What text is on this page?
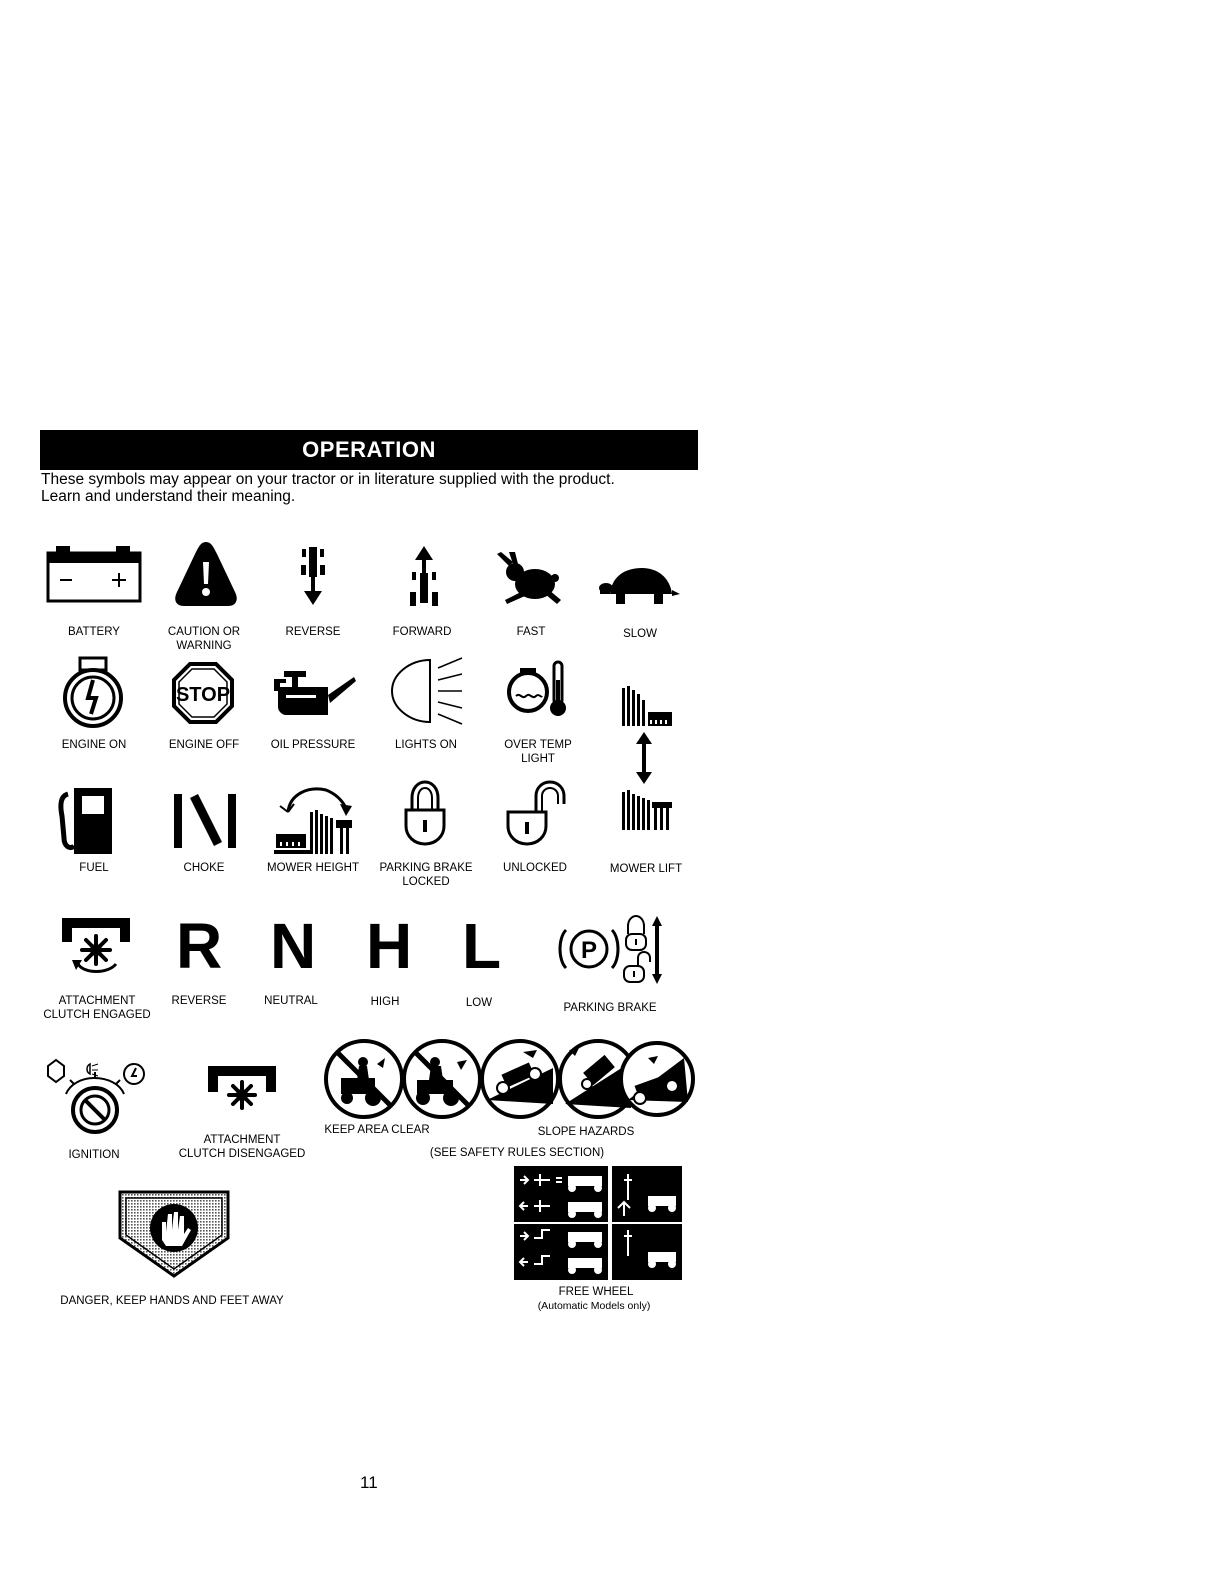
OPERATION
These symbols may appear on your tractor or in literature supplied with the product.
Learn and understand their meaning.
BATTERY	CAUTION OR
WARNING
REVERSE	FORWARD	FAST	SLOW
ENGINE ON
STOP
ENGINE OFF	OIL PRESSURE	LIGHTS ON	OVER TEMP
LIGHT
FUEL	CHOKE	MOWER HEIGHT PARKING BRAKE
LOCKED
UNLOCKED	MOWER LIFT
ATTACHMENT
CLUTCH ENGAGED
R
REVERSE
N
NEUTRAL
H
HIGH
L
LOW
P
PARKING BRAKE
IGNITION
ATTACHMENT
CLUTCH DISENGAGED
KEEP AREA CLEAR	SLOPE HAZARDS
(SEE SAFETY RULES SECTION)
DANGER, KEEP HANDS AND FEET AWAY
FREE WHEEL
(Automatic Models only)
11
